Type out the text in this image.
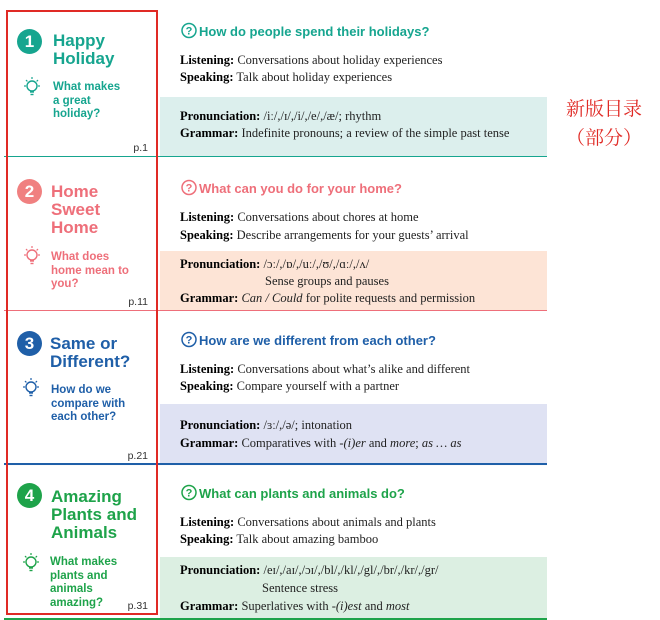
1	Happy
Holiday
What makes
a great
holiday?
p.1
? How do people spend their holidays?
Listening: Conversations about holiday experiences
Speaking: Talk about holiday experiences
Pronunciation: /iː/,/ɪ/,/i/,/e/,/æ/; rhythm
Grammar: Indefinite pronouns; a review of the simple past tense
2 Home
Sweet
Home
What does
home mean to
you?
p.11
? What can you do for your home?
Listening: Conversations about chores at home
Speaking: Describe arrangements for your guests’ arrival
Pronunciation: /ɔː/,/ɒ/,/uː/,/ʊ/,/ɑː/,/ʌ/
Sense groups and pauses
Grammar: Can / Could for polite requests and permission
3 Same or
Different?
How do we
compare with
each other?
p.21
? How are we different from each other?
Listening: Conversations about what’s alike and different
Speaking: Compare yourself with a partner
Pronunciation: /ɜː/,/ə/; intonation
Grammar: Comparatives with -(i)er and more; as … as
4 Amazing
Plants and
Animals
What makes
plants and
animals
amazing?	p.31
? What can plants and animals do?
Listening: Conversations about animals and plants
Speaking: Talk about amazing bamboo
Pronunciation: /eɪ/,/aɪ/,/ɔɪ/,/bl/,/kl/,/gl/,/br/,/kr/,/gr/
Sentence stress
Grammar: Superlatives with -(i)est and most
新版目录
（部分）
